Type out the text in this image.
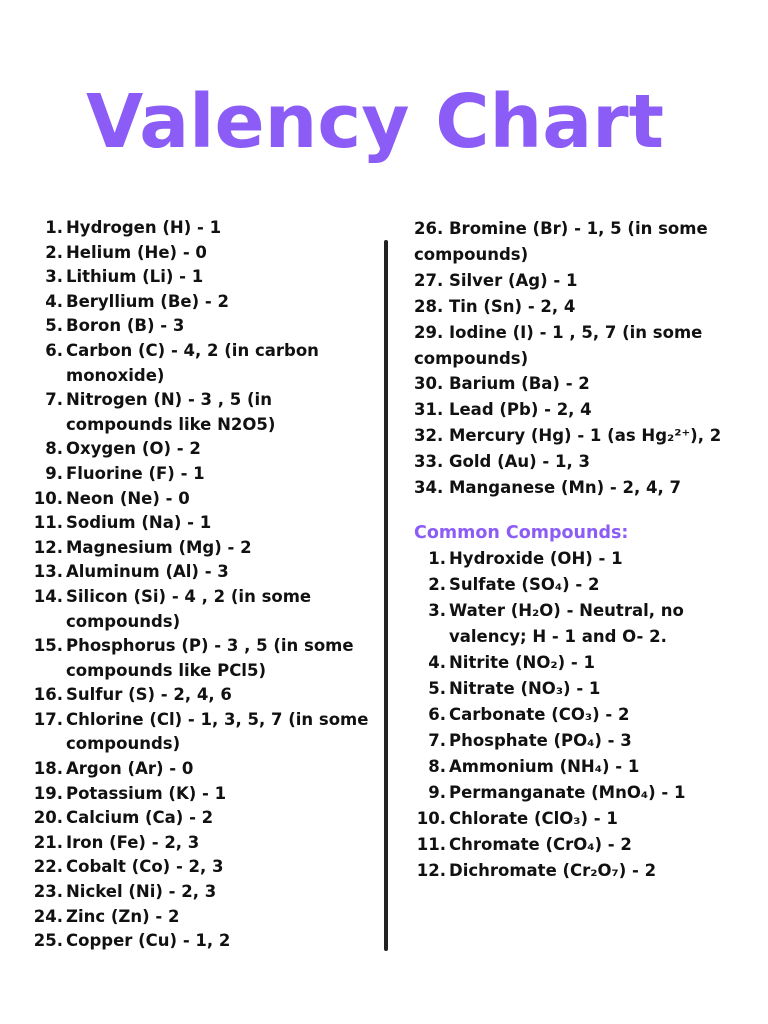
Valency Chart
1. Hydrogen (H) - 1
2. Helium (He) - 0
3. Lithium (Li) - 1
4. Beryllium (Be) - 2
5. Boron (B) - 3
6. Carbon (C) - 4, 2 (in carbon monoxide)
7. Nitrogen (N) - 3 , 5 (in compounds like N2O5)
8. Oxygen (O) - 2
9. Fluorine (F) - 1
10. Neon (Ne) - 0
11. Sodium (Na) - 1
12. Magnesium (Mg) - 2
13. Aluminum (Al) - 3
14. Silicon (Si) - 4 , 2 (in some compounds)
15. Phosphorus (P) - 3 , 5 (in some compounds like PCl5)
16. Sulfur (S) - 2, 4, 6
17. Chlorine (Cl) - 1, 3, 5, 7 (in some compounds)
18. Argon (Ar) - 0
19. Potassium (K) - 1
20. Calcium (Ca) - 2
21. Iron (Fe) - 2, 3
22. Cobalt (Co) - 2, 3
23. Nickel (Ni) - 2, 3
24. Zinc (Zn) - 2
25. Copper (Cu) - 1, 2
26. Bromine (Br) - 1, 5 (in some compounds)
27. Silver (Ag) - 1
28. Tin (Sn) - 2, 4
29. Iodine (I) - 1 , 5, 7 (in some compounds)
30. Barium (Ba) - 2
31. Lead (Pb) - 2, 4
32. Mercury (Hg) - 1 (as Hg₂²⁺), 2
33. Gold (Au) - 1, 3
34. Manganese (Mn) - 2, 4, 7
Common Compounds:
1. Hydroxide (OH) - 1
2. Sulfate (SO₄) - 2
3. Water (H₂O) - Neutral, no valency; H - 1 and O- 2.
4. Nitrite (NO₂) - 1
5. Nitrate (NO₃) - 1
6. Carbonate (CO₃) - 2
7. Phosphate (PO₄) - 3
8. Ammonium (NH₄) - 1
9. Permanganate (MnO₄) - 1
10. Chlorate (ClO₃) - 1
11. Chromate (CrO₄) - 2
12. Dichromate (Cr₂O₇) - 2
